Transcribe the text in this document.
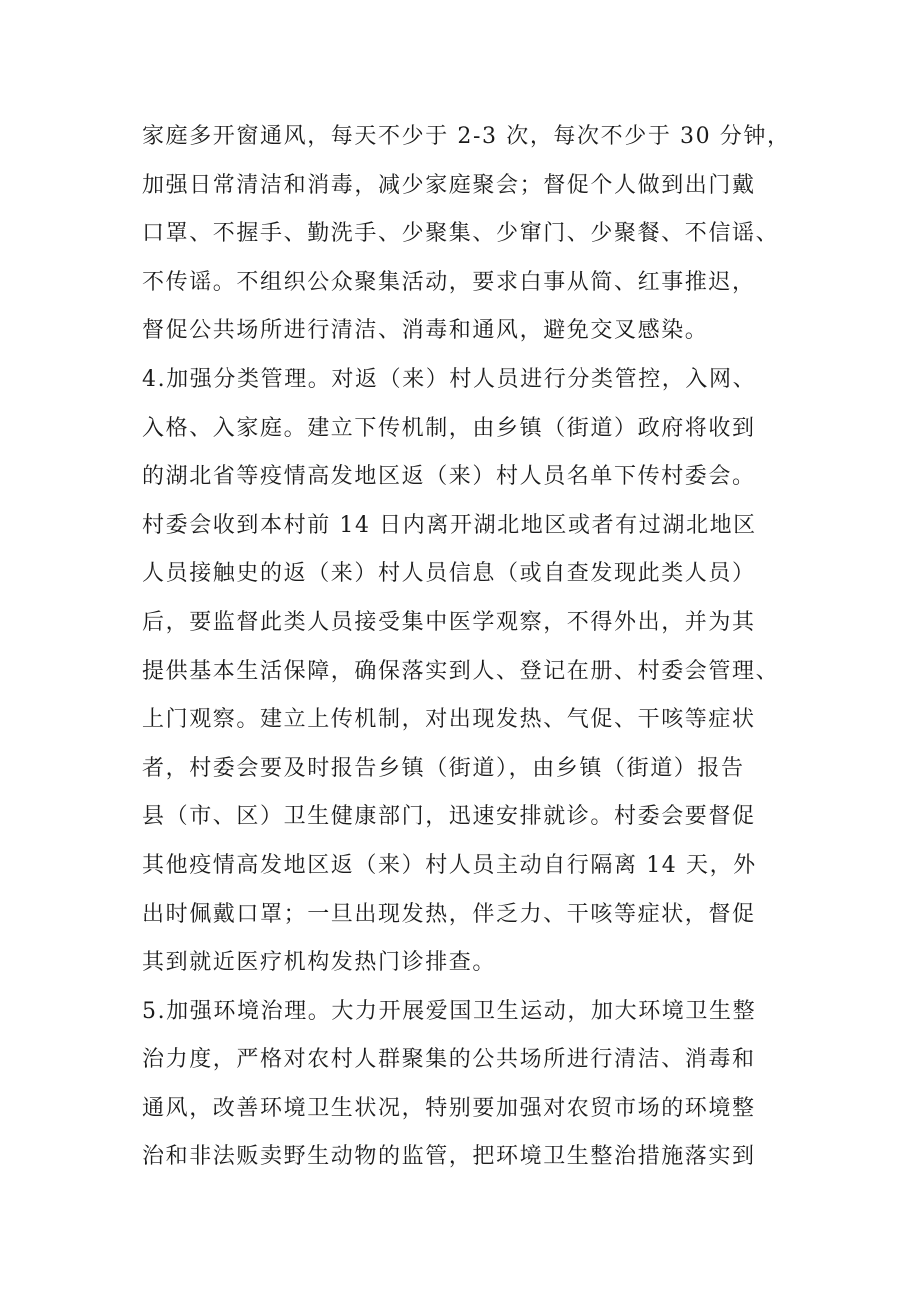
家庭多开窗通风，每天不少于 2-3 次，每次不少于 30 分钟，
加强日常清洁和消毒，减少家庭聚会；督促个人做到出门戴
口罩、不握手、勤洗手、少聚集、少窜门、少聚餐、不信谣、
不传谣。不组织公众聚集活动，要求白事从简、红事推迟，
督促公共场所进行清洁、消毒和通风，避免交叉感染。
4.加强分类管理。对返（来）村人员进行分类管控，入网、
入格、入家庭。建立下传机制，由乡镇（街道）政府将收到
的湖北省等疫情高发地区返（来）村人员名单下传村委会。
村委会收到本村前 14 日内离开湖北地区或者有过湖北地区
人员接触史的返（来）村人员信息（或自查发现此类人员）
后，要监督此类人员接受集中医学观察，不得外出，并为其
提供基本生活保障，确保落实到人、登记在册、村委会管理、
上门观察。建立上传机制，对出现发热、气促、干咳等症状
者，村委会要及时报告乡镇（街道），由乡镇（街道）报告
县（市、区）卫生健康部门，迅速安排就诊。村委会要督促
其他疫情高发地区返（来）村人员主动自行隔离 14 天，外
出时佩戴口罩；一旦出现发热，伴乏力、干咳等症状，督促
其到就近医疗机构发热门诊排查。
5.加强环境治理。大力开展爱国卫生运动，加大环境卫生整
治力度，严格对农村人群聚集的公共场所进行清洁、消毒和
通风，改善环境卫生状况，特别要加强对农贸市场的环境整
治和非法贩卖野生动物的监管，把环境卫生整治措施落实到
